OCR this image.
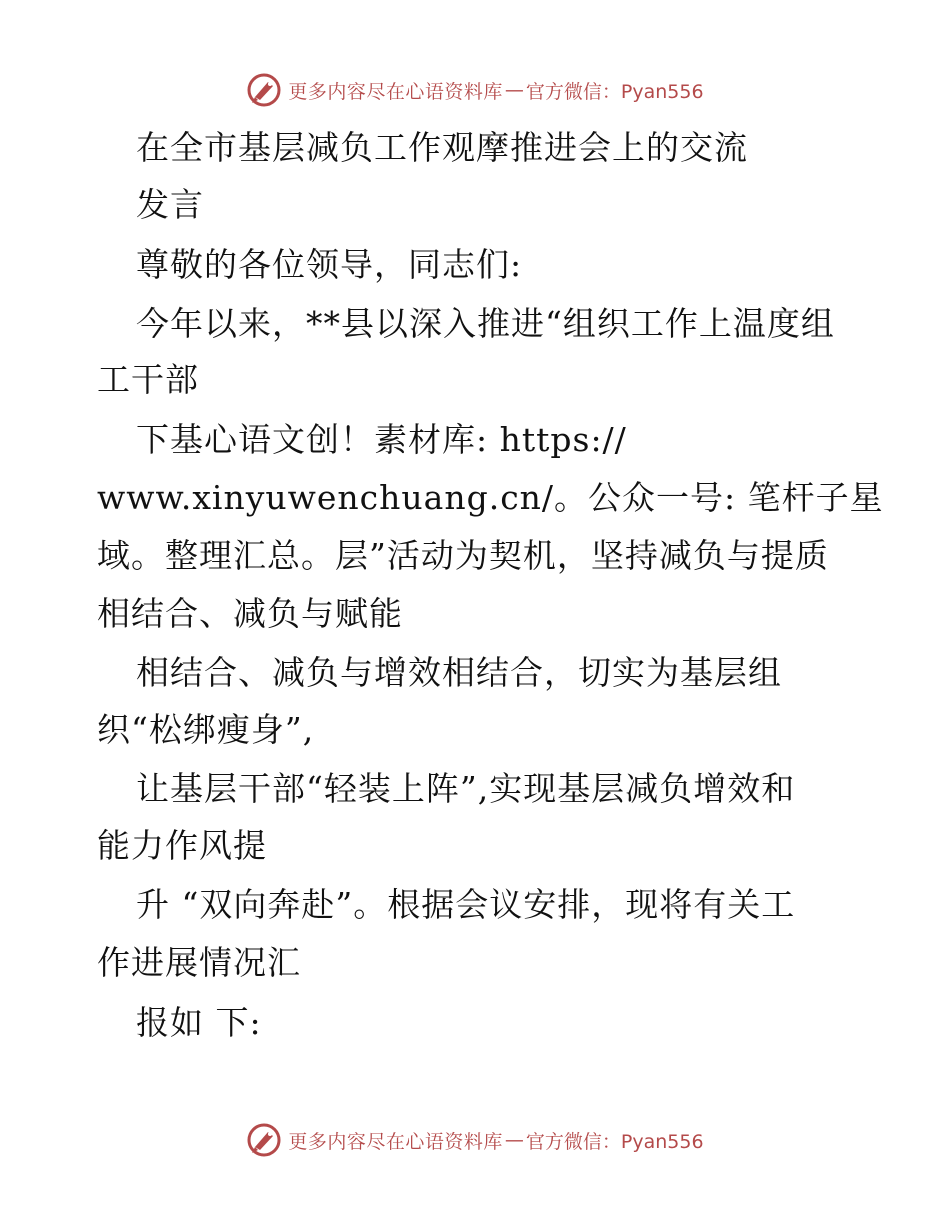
更多内容尽在心语资料库 — 官方微信：Pyan556
在全市基层减负工作观摩推进会上的交流
发言
尊敬的各位领导，同志们:
今年以来，**县以深入推进“组织工作上温度组
工干部
下基心语文创！素材库: https://
www.xinyuwenchuang.cn/。公众一号: 笔杆子星
域。整理汇总。层”活动为契机，坚持减负与提质
相结合、减负与赋能
相结合、减负与增效相结合，切实为基层组
织“松绑瘦身”,
让基层干部“轻装上阵”,实现基层减负增效和
能力作风提
升 “双向奔赴”。根据会议安排，现将有关工
作进展情况汇
报如 下:
更多内容尽在心语资料库 — 官方微信：Pyan556
